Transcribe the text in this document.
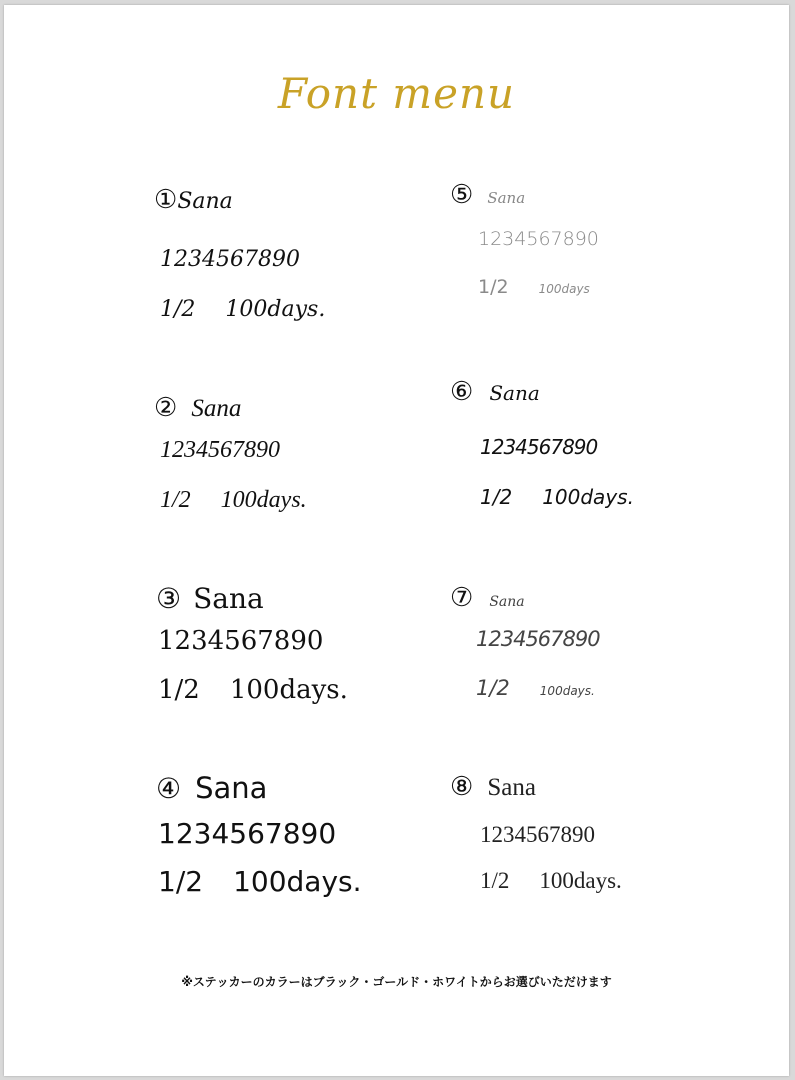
Font menu
①Sana
1234567890
1/2 100days.
② Sana
1234567890
1/2 100days.
③ Sana
1234567890
1/2 100days.
④ Sana
1234567890
1/2 100days.
⑤ Sana
1234567890
1/2	100days
⑥ Sana
1234567890
1/2 100days.
⑦ Sana
1234567890
1/2	100days.
⑧ Sana
1234567890
1/2 100days.
※ステッカーのカラーはブラック・ゴールド・ホワイトからお選びいただけます
